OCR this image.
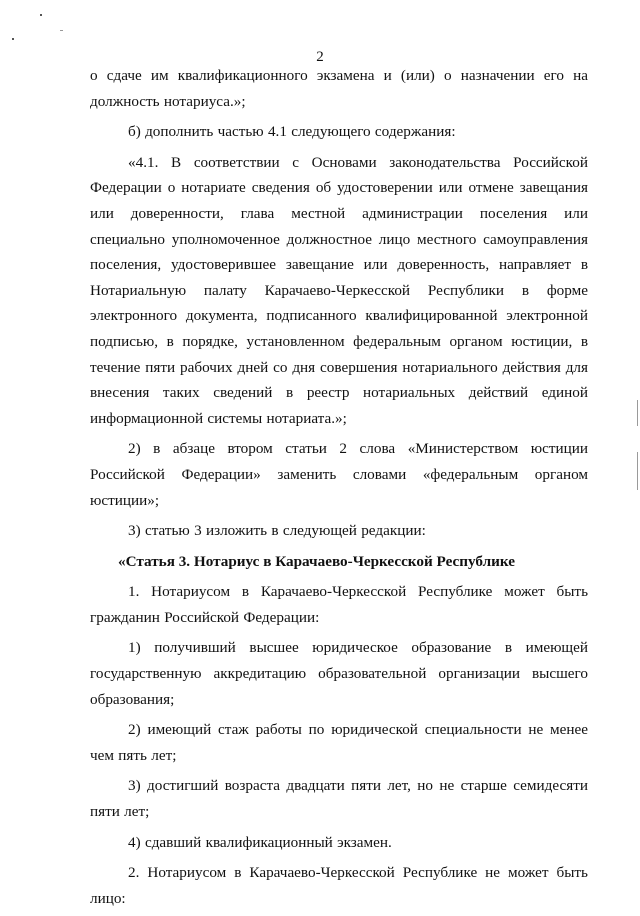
2

о сдаче им квалификационного экзамена и (или) о назначении его на должность нотариуса.»;

б) дополнить частью 4.1 следующего содержания:

«4.1. В соответствии с Основами законодательства Российской Федерации о нотариате сведения об удостоверении или отмене завещания или доверенности, глава местной администрации поселения или специально уполномоченное должностное лицо местного самоуправления поселения, удостоверившее завещание или доверенность, направляет в Нотариальную палату Карачаево-Черкесской Республики в форме электронного документа, подписанного квалифицированной электронной подписью, в порядке, установленном федеральным органом юстиции, в течение пяти рабочих дней со дня совершения нотариального действия для внесения таких сведений в реестр нотариальных действий единой информационной системы нотариата.»;

2) в абзаце втором статьи 2 слова «Министерством юстиции Российской Федерации» заменить словами «федеральным органом юстиции»;

3) статью 3 изложить в следующей редакции:

«Статья 3. Нотариус в Карачаево-Черкесской Республике

1. Нотариусом в Карачаево-Черкесской Республике может быть гражданин Российской Федерации:

1) получивший высшее юридическое образование в имеющей государственную аккредитацию образовательной организации высшего образования;

2) имеющий стаж работы по юридической специальности не менее чем пять лет;

3) достигший возраста двадцати пяти лет, но не старше семидесяти пяти лет;

4) сдавший квалификационный экзамен.

2. Нотариусом в Карачаево-Черкесской Республике не может быть лицо:
